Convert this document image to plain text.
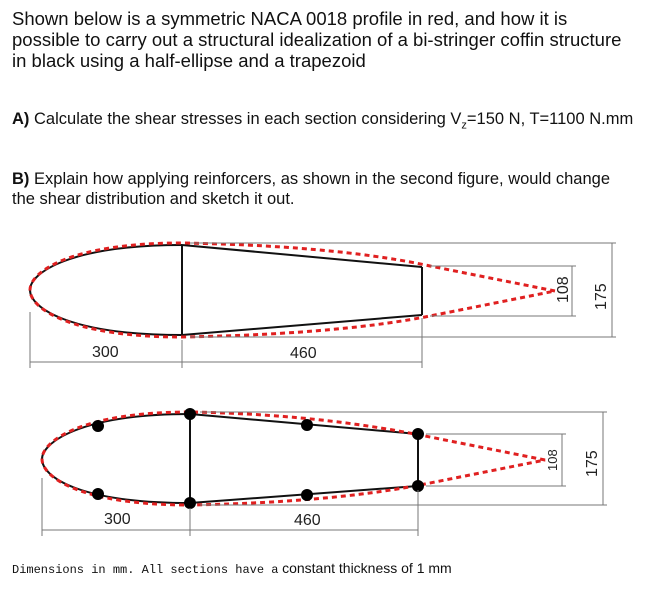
Shown below is a symmetric NACA 0018 profile in red, and how it is possible to carry out a structural idealization of a bi-stringer coffin structure in black using a half-ellipse and a trapezoid
A) Calculate the shear stresses in each section considering $V_z=150$ N, T=1100 N.mm
B) Explain how applying reinforcers, as shown in the second figure, would change the shear distribution and sketch it out.
300	460
108 175
300	460
108 175
Dimensions in mm. All sections have a constant thickness of 1 mm
